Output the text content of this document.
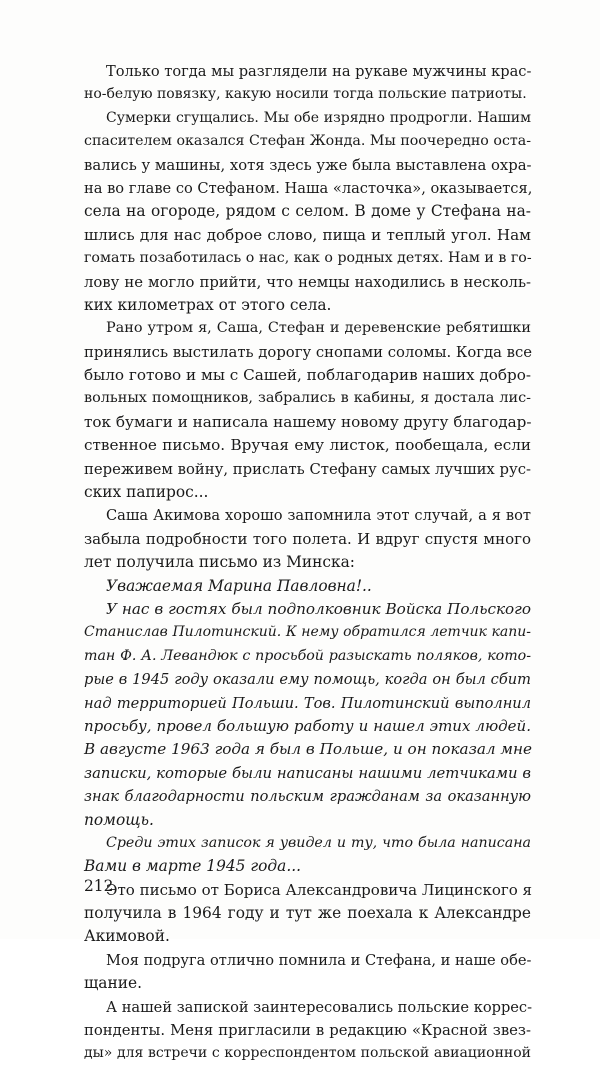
Только тогда мы разглядели на рукаве мужчины крас-
но-белую повязку, какую носили тогда польские патриоты.
Сумерки сгущались. Мы обе изрядно продрогли. Нашим
спасителем оказался Стефан Жонда. Мы поочередно оста-
вались у машины, хотя здесь уже была выставлена охра-
на во главе со Стефаном. Наша «ласточка», оказывается,
села на огороде, рядом с селом. В доме у Стефана на-
шлись для нас доброе слово, пища и теплый угол. Нам
гомать позаботилась о нас, как о родных детях. Нам и в го-
лову не могло прийти, что немцы находились в несколь-
ких километрах от этого села.
Рано утром я, Саша, Стефан и деревенские ребятишки
принялись выстилать дорогу снопами соломы. Когда все
было готово и мы с Сашей, поблагодарив наших добро-
вольных помощников, забрались в кабины, я достала лис-
ток бумаги и написала нашему новому другу благодар-
ственное письмо. Вручая ему листок, пообещала, если
переживем войну, прислать Стефану самых лучших рус-
ских папирос...
Саша Акимова хорошо запомнила этот случай, а я вот
забыла подробности того полета. И вдруг спустя много
лет получила письмо из Минска:
Уважаемая Марина Павловна!..
У нас в гостях был подполковник Войска Польского
Станислав Пилотинский. К нему обратился летчик капи-
тан Ф. А. Левандюк с просьбой разыскать поляков, кото-
рые в 1945 году оказали ему помощь, когда он был сбит
над территорией Польши. Тов. Пилотинский выполнил
просьбу, провел большую работу и нашел этих людей.
В августе 1963 года я был в Польше, и он показал мне
записки, которые были написаны нашими летчиками в
знак благодарности польским гражданам за оказанную
помощь.
Среди этих записок я увидел и ту, что была написана
Вами в марте 1945 года...
Это письмо от Бориса Александровича Лицинского я
получила в 1964 году и тут же поехала к Александре
Акимовой.
Моя подруга отлично помнила и Стефана, и наше обе-
щание.
А нашей запиской заинтересовались польские коррес-
понденты. Меня пригласили в редакцию «Красной звез-
ды» для встречи с корреспондентом польской авиационной
212
